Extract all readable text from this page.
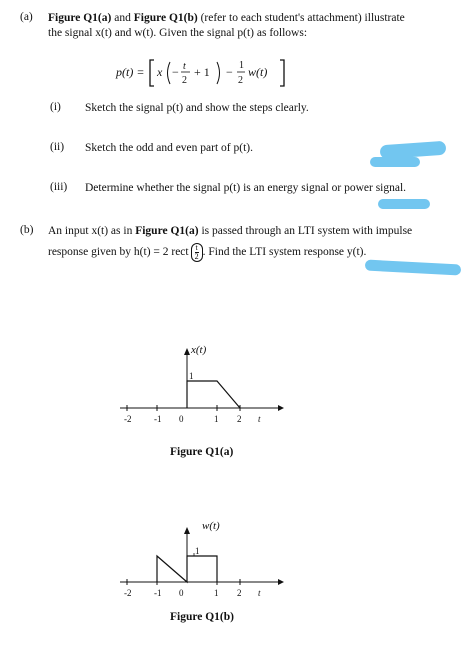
(a) Figure Q1(a) and Figure Q1(b) (refer to each student's attachment) illustrate
the signal x(t) and w(t). Given the signal p(t) as follows:
p(t) = x − t
2
+ 1 − 1
2
w(t)
(i) Sketch the signal p(t) and show the steps clearly.
(ii) Sketch the odd and even part of p(t).
(iii) Determine whether the signal p(t) is an energy signal or power signal.
(b) An input x(t) as in Figure Q1(a) is passed through an LTI system with impulse
response given by h(t) = 2 rect $\frac{t}{2}$ . Find the LTI system response y(t).
x(t)
1
-2	-1 0	1 2 t
Figure Q1(a)
w(t)
1
-2	-1 0	1 2 t
Figure Q1(b)
